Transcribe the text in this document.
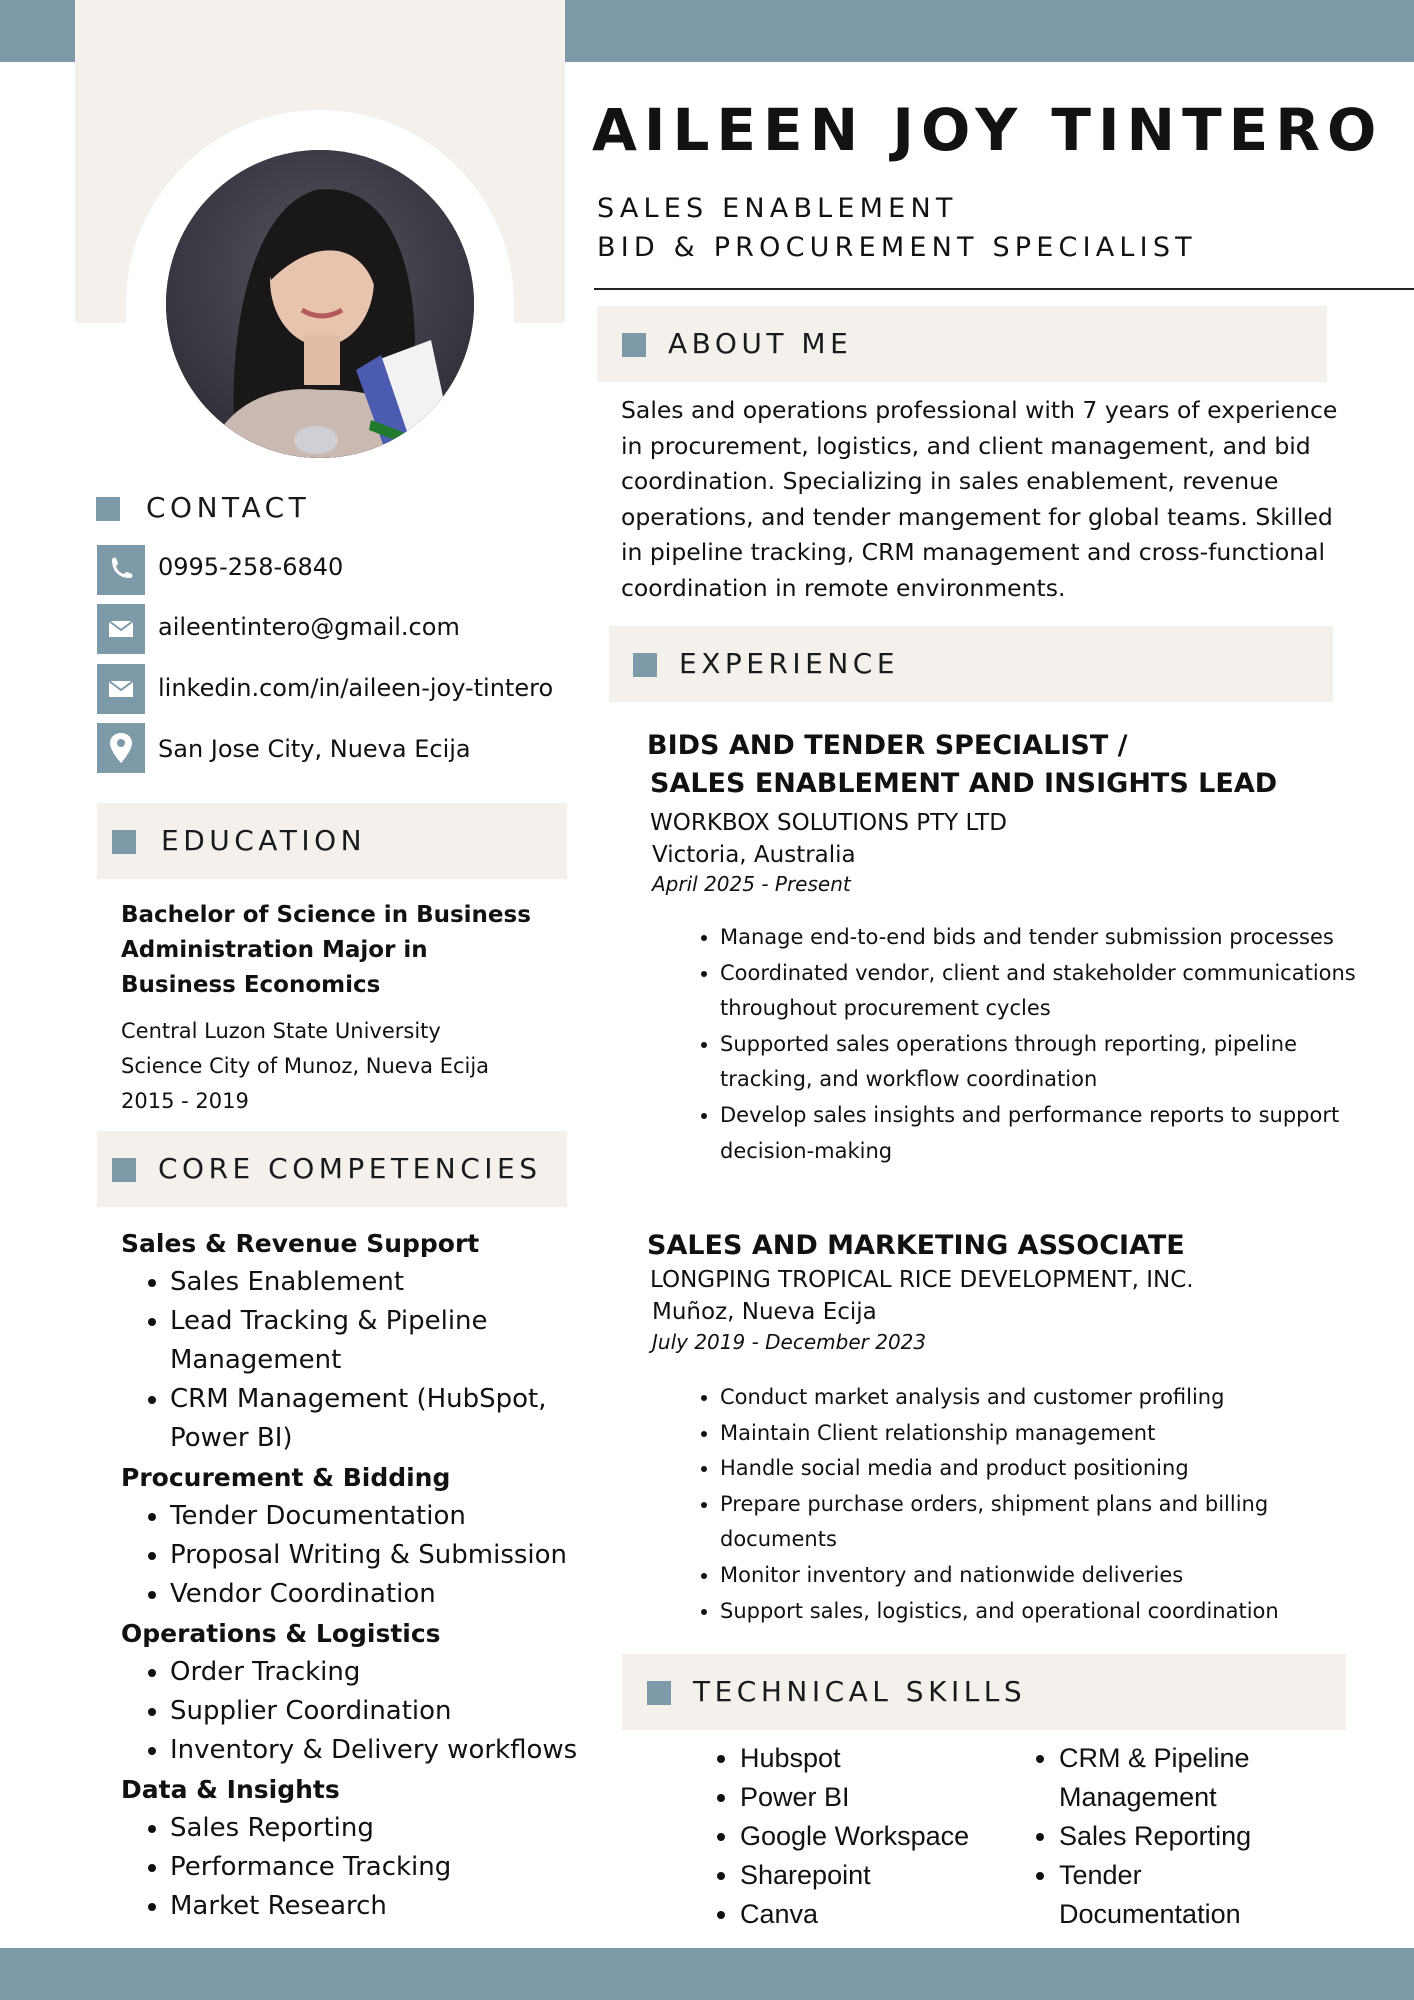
AILEEN JOY TINTERO
SALES ENABLEMENT
BID & PROCUREMENT SPECIALIST
CONTACT
0995-258-6840
aileentintero@gmail.com
linkedin.com/in/aileen-joy-tintero
San Jose City, Nueva Ecija
EDUCATION
Bachelor of Science in Business Administration Major in Business Economics
Central Luzon State University
Science City of Munoz, Nueva Ecija
2015 - 2019
CORE COMPETENCIES

Sales & Revenue Support

• Sales Enablement
• Lead Tracking & Pipeline Management
• CRM Management (HubSpot, Power BI)

Procurement & Bidding

• Tender Documentation
• Proposal Writing & Submission
• Vendor Coordination

Operations & Logistics

• Order Tracking
• Supplier Coordination
• Inventory & Delivery workflows

Data & Insights

• Sales Reporting
• Performance Tracking
• Market Research
ABOUT ME
Sales and operations professional with 7 years of experience in procurement, logistics, and client management, and bid coordination. Specializing in sales enablement, revenue operations, and tender mangement for global teams. Skilled in pipeline tracking, CRM management and cross-functional coordination in remote environments.
EXPERIENCE
BIDS AND TENDER SPECIALIST /
SALES ENABLEMENT AND INSIGHTS LEAD
WORKBOX SOLUTIONS PTY LTD
Victoria, Australia
April 2025 - Present
• Manage end-to-end bids and tender submission processes
• Coordinated vendor, client and stakeholder communications throughout procurement cycles
• Supported sales operations through reporting, pipeline tracking, and workflow coordination
• Develop sales insights and performance reports to support decision-making
SALES AND MARKETING ASSOCIATE
LONGPING TROPICAL RICE DEVELOPMENT, INC.
Muñoz, Nueva Ecija
July 2019 - December 2023
• Conduct market analysis and customer profiling
• Maintain Client relationship management
• Handle social media and product positioning
• Prepare purchase orders, shipment plans and billing documents
• Monitor inventory and nationwide deliveries
• Support sales, logistics, and operational coordination
TECHNICAL SKILLS
• Hubspot
• Power BI
• Google Workspace
• Sharepoint
• Canva
• CRM & Pipeline Management
• Sales Reporting
• Tender Documentation
